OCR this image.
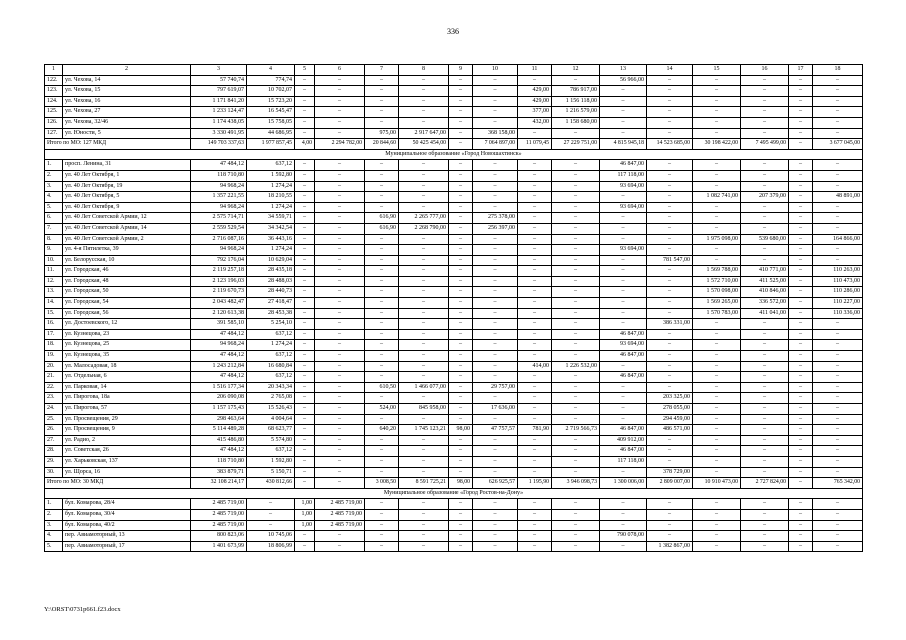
336
1	2	3	4	5	6	7	8	9	10	11	12	13	14	15	16	17	18
122.	ул. Чехова, 14	57 740,74	774,74	–	–	–	–	–	–	–	–	56 966,00	–	–	–	–	–
123.	ул. Чехова, 15	797 619,07	10 702,07	–	–	–	–	–	–	429,00	786 917,00	–	–	–	–	–	–
124.	ул. Чехова, 16	1 171 841,20	15 723,20	–	–	–	–	–	–	429,00	1 156 118,00	–	–	–	–	–	–
125.	ул. Чехова, 27	1 233 124,47	16 545,47	–	–	–	–	–	–	377,00	1 216 579,00	–	–	–	–	–	–
126.	ул. Чехова, 32/46	1 174 438,05	15 758,05	–	–	–	–	–	–	432,00	1 158 680,00	–	–	–	–	–	–
127.	ул. Юности, 5	3 330 491,95	44 686,95	–	–	975,00	2 917 647,00	–	368 158,00	–	–	–	–	–	–	–	–
Итого по МО: 127 МКД		149 703 337,63	1 977 857,45	4,00	2 294 782,00	20 844,60	50 425 454,00	–	7 064 897,00	11 079,45	27 229 751,00	4 815 945,18	14 523 685,00	30 198 422,00	7 495 499,00	–	3 677 045,00
Муниципальное образование «Город Новошахтинск»																	
1.	просп. Ленина, 31	47 484,12	637,12	–	–	–	–	–	–	–	–	46 847,00	–	–	–	–	–
2.	ул. 40 Лет Октября, 1	118 710,80	1 592,80	–	–	–	–	–	–	–	–	117 118,00	–	–	–	–	–
3.	ул. 40 Лет Октября, 19	94 968,24	1 274,24	–	–	–	–	–	–	–	–	93 694,00	–	–	–	–	–
4.	ул. 40 Лет Октября, 5	1 357 221,55	18 210,55	–	–	–	–	–	–	–	–	–	–	1 082 741,00	207 379,00	–	48 891,00
5.	ул. 40 Лет Октября, 9	94 968,24	1 274,24	–	–	–	–	–	–	–	–	93 694,00	–	–	–	–	–
6.	ул. 40 Лет Советской Армии, 12	2 575 714,71	34 559,71	–	–	616,90	2 265 777,00	–	275 378,00	–	–	–	–	–	–	–	–
7.	ул. 40 Лет Советской Армии, 14	2 559 529,54	34 342,54	–	–	616,90	2 268 790,00	–	256 397,00	–	–	–	–	–	–	–	–
8.	ул. 40 Лет Советской Армии, 2	2 716 087,16	36 443,16	–	–	–	–	–	–	–	–	–	–	1 975 098,00	539 680,00	–	164 866,00
9.	ул. 4-я Пятилетка, 39	94 968,24	1 274,24	–	–	–	–	–	–	–	–	93 694,00	–	–	–	–	–
10.	ул. Белорусская, 10	792 176,04	10 629,04	–	–	–	–	–	–	–	–	–	781 547,00	–	–	–	–
11.	ул. Городская, 46	2 119 257,18	28 435,18	–	–	–	–	–	–	–	–	–	–	1 569 788,00	410 771,00	–	110 263,00
12.	ул. Городская, 48	2 123 196,03	28 488,03	–	–	–	–	–	–	–	–	–	–	1 572 710,00	411 525,00	–	110 473,00
13.	ул. Городская, 50	2 119 670,73	28 440,73	–	–	–	–	–	–	–	–	–	–	1 570 098,00	410 846,00	–	110 286,00
14.	ул. Городская, 54	2 043 482,47	27 418,47	–	–	–	–	–	–	–	–	–	–	1 569 265,00	336 572,00	–	110 227,00
15.	ул. Городская, 56	2 120 613,38	28 453,38	–	–	–	–	–	–	–	–	–	–	1 570 783,00	411 041,00	–	110 336,00
16.	ул. Достоевского, 12	391 585,10	5 254,10	–	–	–	–	–	–	–	–	–	386 331,00	–	–	–	–
17.	ул. Кузнецова, 23	47 484,12	637,12	–	–	–	–	–	–	–	–	46 847,00	–	–	–	–	–
18.	ул. Кузнецова, 25	94 968,24	1 274,24	–	–	–	–	–	–	–	–	93 694,00	–	–	–	–	–
19.	ул. Кузнецова, 35	47 484,12	637,12	–	–	–	–	–	–	–	–	46 847,00	–	–	–	–	–
20.	ул. Малосадовая, 18	1 243 212,84	16 680,84	–	–	–	–	–	–	414,00	1 226 532,00	–	–	–	–	–	–
21.	ул. Отдельная, 6	47 484,12	637,12	–	–	–	–	–	–	–	–	46 847,00	–	–	–	–	–
22.	ул. Парковая, 14	1 516 177,34	20 343,34	–	–	610,50	1 466 077,00	–	29 757,00	–	–	–	–	–	–	–	–
23.	ул. Пирогова, 18а	206 090,08	2 765,08	–	–	–	–	–	–	–	–	–	203 325,00	–	–	–	–
24.	ул. Пирогова, 57	1 157 175,43	15 526,43	–	–	524,00	845 958,00	–	17 636,00	–	–	–	278 055,00	–	–	–	–
25.	ул. Просвещения, 29	298 463,64	4 004,64	–	–	–	–	–	–	–	–	–	294 459,00	–	–	–	–
26.	ул. Просвещения, 9	5 114 489,28	68 623,77	–	–	640,20	1 745 123,21	98,00	47 757,57	781,90	2 719 566,73	46 847,00	486 571,00	–	–	–	–
27.	ул. Радио, 2	415 486,80	5 574,80	–	–	–	–	–	–	–	–	409 912,00	–	–	–	–	–
28.	ул. Советская, 26	47 484,12	637,12	–	–	–	–	–	–	–	–	46 847,00	–	–	–	–	–
29.	ул. Харьковская, 137	118 710,80	1 592,80	–	–	–	–	–	–	–	–	117 118,00	–	–	–	–	–
30.	ул. Щорса, 16	383 879,71	5 150,71	–	–	–	–	–	–	–	–	–	378 729,00	–	–	–	–
Итого по МО: 30 МКД		32 108 214,17	430 812,66	–	–	3 008,50	8 591 725,21	98,00	626 925,57	1 195,90	3 946 098,73	1 300 006,00	2 809 007,00	10 910 473,00	2 727 824,00	–	765 342,00
Муниципальное образование «Город Ростов-на-Дону»																	
1.	бул. Комарова, 28/4	2 485 719,00	–	1,00	2 485 719,00	–	–	–	–	–	–	–	–	–	–	–	–
2.	бул. Комарова, 30/4	2 485 719,00	–	1,00	2 485 719,00	–	–	–	–	–	–	–	–	–	–	–	–
3.	бул. Комарова, 40/2	2 485 719,00	–	1,00	2 485 719,00	–	–	–	–	–	–	–	–	–	–	–	–
4.	пер. Авиамоторный, 13	800 823,06	10 745,06	–	–	–	–	–	–	–	–	790 078,00	–	–	–	–	–
5.	пер. Авиамоторный, 17	1 401 673,99	18 806,99	–	–	–	–	–	–	–	–	–	1 382 867,00	–	–	–	–
Y:\ORST\0731p661.f23.docx
